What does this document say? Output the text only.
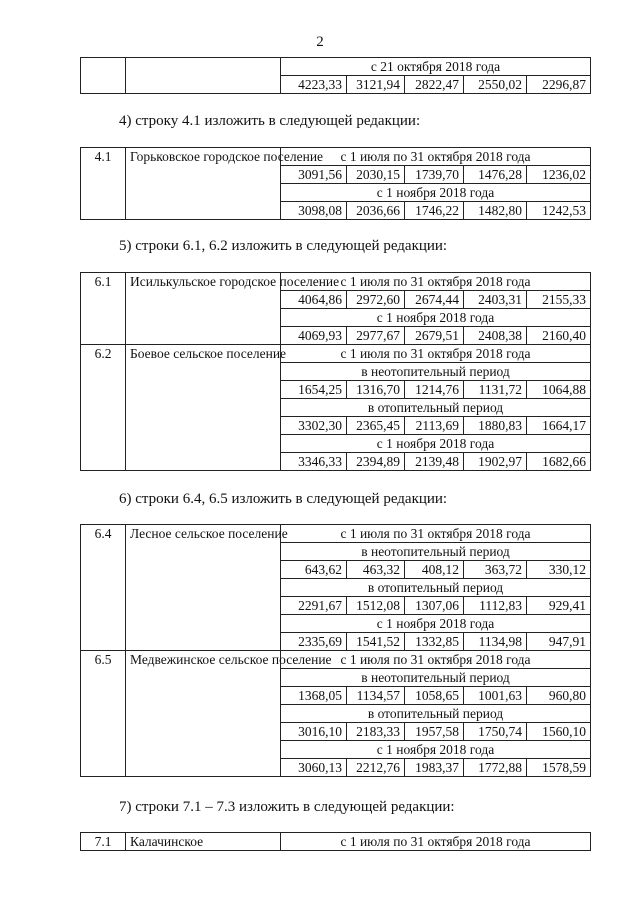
2
		с 21 октября 2018 года				
		4223,33	3121,94	2822,47	2550,02	2296,87
4) строку 4.1 изложить в следующей редакции:
4.1	Горьковское городское поселение	с 1 июля по 31 октября 2018 года				
		3091,56	2030,15	1739,70	1476,28	1236,02
		с 1 ноября 2018 года				
		3098,08	2036,66	1746,22	1482,80	1242,53
5) строки 6.1, 6.2 изложить в следующей редакции:
6.1	Исилькульское городское поселение	с 1 июля по 31 октября 2018 года				
		4064,86	2972,60	2674,44	2403,31	2155,33
		с 1 ноября 2018 года				
		4069,93	2977,67	2679,51	2408,38	2160,40
6.2	Боевое сельское поселение	с 1 июля по 31 октября 2018 года				
		в неотопительный период				
		1654,25	1316,70	1214,76	1131,72	1064,88
		в отопительный период				
		3302,30	2365,45	2113,69	1880,83	1664,17
		с 1 ноября 2018 года				
		3346,33	2394,89	2139,48	1902,97	1682,66
6) строки 6.4, 6.5 изложить в следующей редакции:
6.4	Лесное сельское поселение	с 1 июля по 31 октября 2018 года				
		в неотопительный период				
		643,62	463,32	408,12	363,72	330,12
		в отопительный период				
		2291,67	1512,08	1307,06	1112,83	929,41
		с 1 ноября 2018 года				
		2335,69	1541,52	1332,85	1134,98	947,91
6.5	Медвежинское сельское поселение	с 1 июля по 31 октября 2018 года				
		в неотопительный период				
		1368,05	1134,57	1058,65	1001,63	960,80
		в отопительный период				
		3016,10	2183,33	1957,58	1750,74	1560,10
		с 1 ноября 2018 года				
		3060,13	2212,76	1983,37	1772,88	1578,59
7) строки 7.1 – 7.3 изложить в следующей редакции:
7.1	Калачинское	с 1 июля по 31 октября 2018 года
